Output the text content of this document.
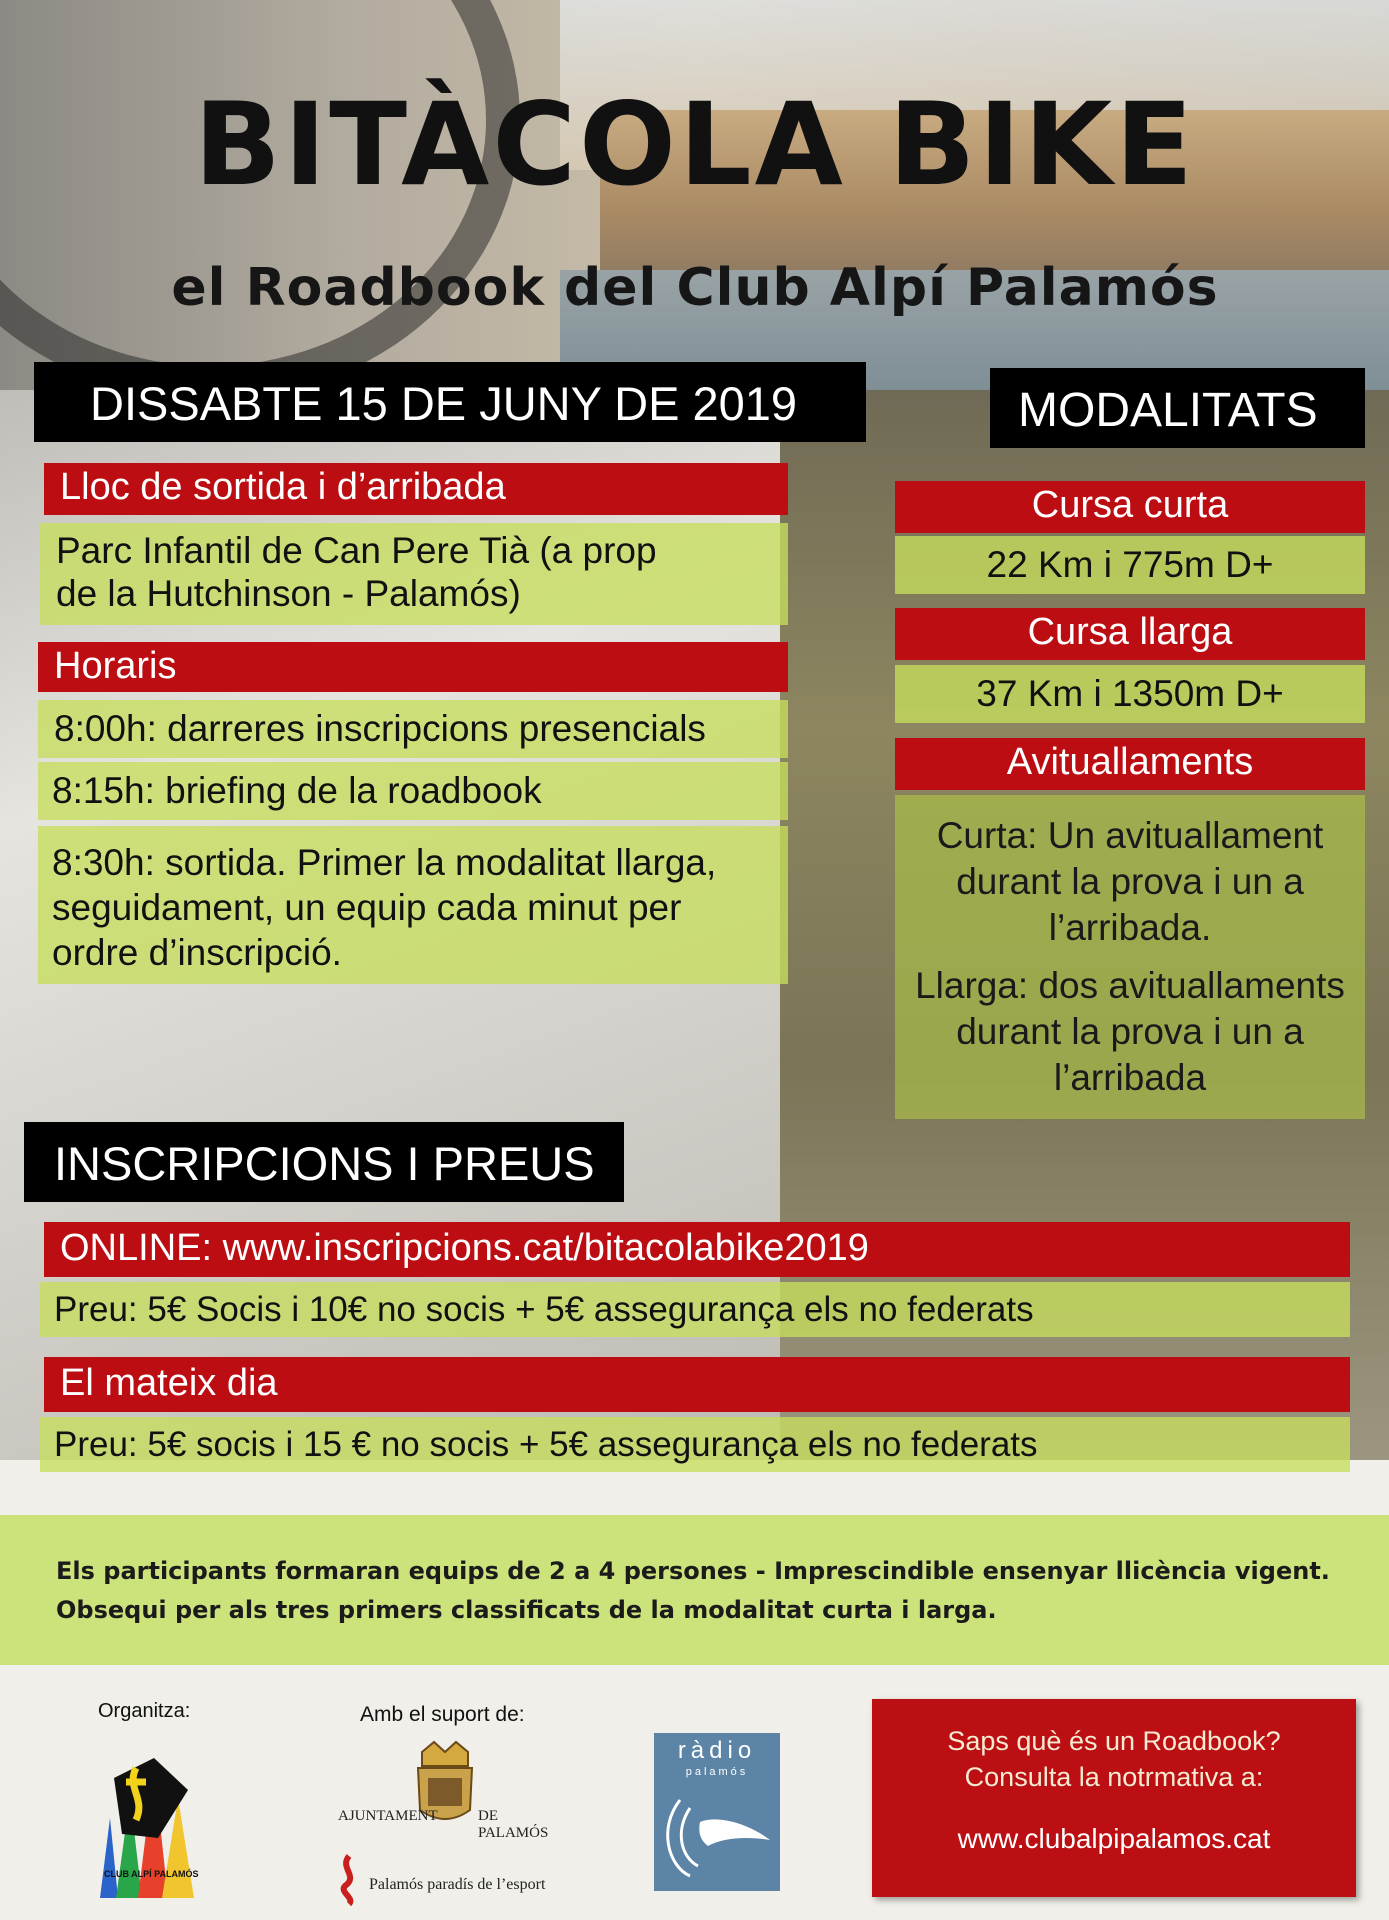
BITÀCOLA BIKE
el Roadbook del Club Alpí Palamós
DISSABTE 15 DE JUNY DE 2019
Lloc de sortida i d’arribada
Parc Infantil de Can Pere Tià (a prop
de la Hutchinson - Palamós)
Horaris
8:00h: darreres inscripcions presencials
8:15h: briefing de la roadbook
8:30h: sortida. Primer la modalitat llarga,
seguidament, un equip cada minut per
ordre d’inscripció.
MODALITATS
Cursa curta
22 Km i 775m D+
Cursa llarga
37 Km i 1350m D+
Avituallaments

Curta: Un avituallament
durant la prova i un a
l’arribada.

Llarga: dos avituallaments
durant la prova i un a
l’arribada

INSCRIPCIONS I PREUS
ONLINE: www.inscripcions.cat/bitacolabike2019
Preu: 5€ Socis i 10€ no socis + 5€ assegurança els no federats
El mateix dia
Preu: 5€ socis i 15 € no socis + 5€ assegurança els no federats
Els participants formaran equips de 2 a 4 persones - Imprescindible ensenyar llicència vigent.
Obsequi per als tres primers classificats de la modalitat curta i larga.
Organitza:
CLUB ALPÍ PALAMÓS
Amb el suport de:
AJUNTAMENT	DE PALAMÓS
Palamós paradís de l’esport
ràdio
palamós
Saps què és un Roadbook?
Consulta la notrmativa a:
www.clubalpipalamos.cat
